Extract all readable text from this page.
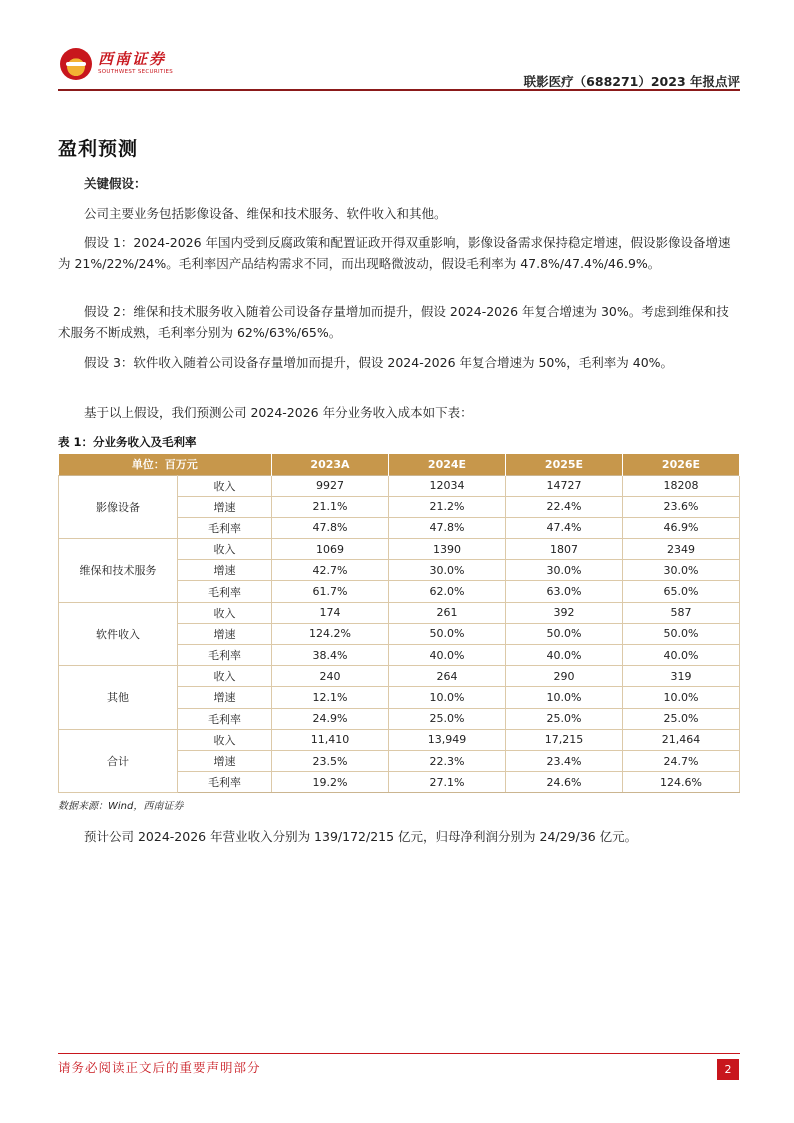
西南证券
SOUTHWEST SECURITIES
联影医疗（688271）2023 年报点评
盈利预测
关键假设：
公司主要业务包括影像设备、维保和技术服务、软件收入和其他。
假设 1：2024-2026 年国内受到反腐政策和配置证政开得双重影响，影像设备需求保持稳定增速，假设影像设备增速为 21%/22%/24%。毛利率因产品结构需求不同，而出现略微波动，假设毛利率为 47.8%/47.4%/46.9%。
假设 2：维保和技术服务收入随着公司设备存量增加而提升，假设 2024-2026 年复合增速为 30%。考虑到维保和技术服务不断成熟，毛利率分别为 62%/63%/65%。
假设 3：软件收入随着公司设备存量增加而提升，假设 2024-2026 年复合增速为 50%，毛利率为 40%。
基于以上假设，我们预测公司 2024-2026 年分业务收入成本如下表：
表 1：分业务收入及毛利率
单位：百万元		2023A	2024E	2025E	2026E
影像设备	收入	9927	12034	14727	18208
	增速	21.1%	21.2%	22.4%	23.6%
	毛利率	47.8%	47.8%	47.4%	46.9%
维保和技术服务	收入	1069	1390	1807	2349
	增速	42.7%	30.0%	30.0%	30.0%
	毛利率	61.7%	62.0%	63.0%	65.0%
软件收入	收入	174	261	392	587
	增速	124.2%	50.0%	50.0%	50.0%
	毛利率	38.4%	40.0%	40.0%	40.0%
其他	收入	240	264	290	319
	增速	12.1%	10.0%	10.0%	10.0%
	毛利率	24.9%	25.0%	25.0%	25.0%
合计	收入	11,410	13,949	17,215	21,464
	增速	23.5%	22.3%	23.4%	24.7%
	毛利率	19.2%	27.1%	24.6%	124.6%
数据来源：Wind，西南证券
预计公司 2024-2026 年营业收入分别为 139/172/215 亿元，归母净利润分别为 24/29/36 亿元。
请务必阅读正文后的重要声明部分	2
